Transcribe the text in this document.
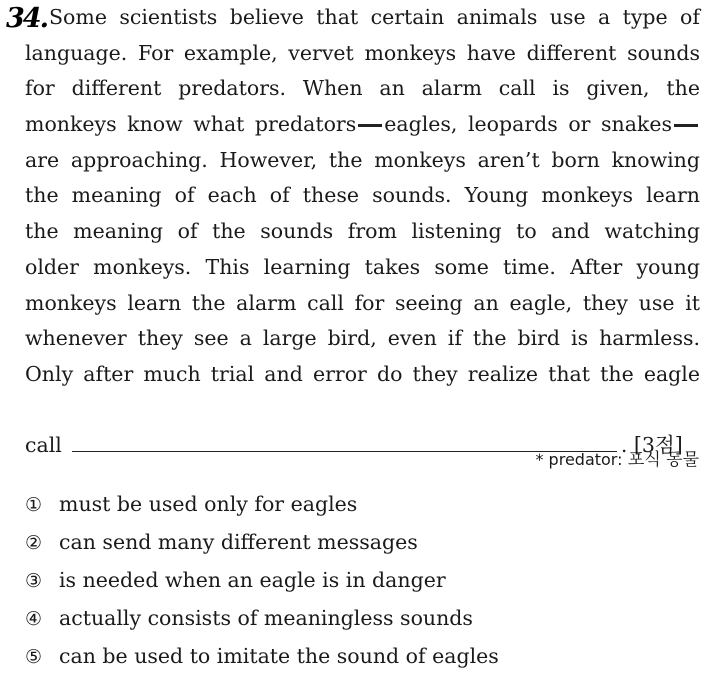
34. Some scientists believe that certain animals use a type of
language. For example, vervet monkeys have different sounds
for different predators. When an alarm call is given, the
monkeys know what predators eagles, leopards or snakes
are approaching. However, the monkeys aren’t born knowing
the meaning of each of these sounds. Young monkeys learn
the meaning of the sounds from listening to and watching
older monkeys. This learning takes some time. After young
monkeys learn the alarm call for seeing an eagle, they use it
whenever they see a large bird, even if the bird is harmless.
Only after much trial and error do they realize that the eagle
call	. [3점]
* predator: 포식 동물
① must be used only for eagles
② can send many different messages
③ is needed when an eagle is in danger
④ actually consists of meaningless sounds
⑤ can be used to imitate the sound of eagles
